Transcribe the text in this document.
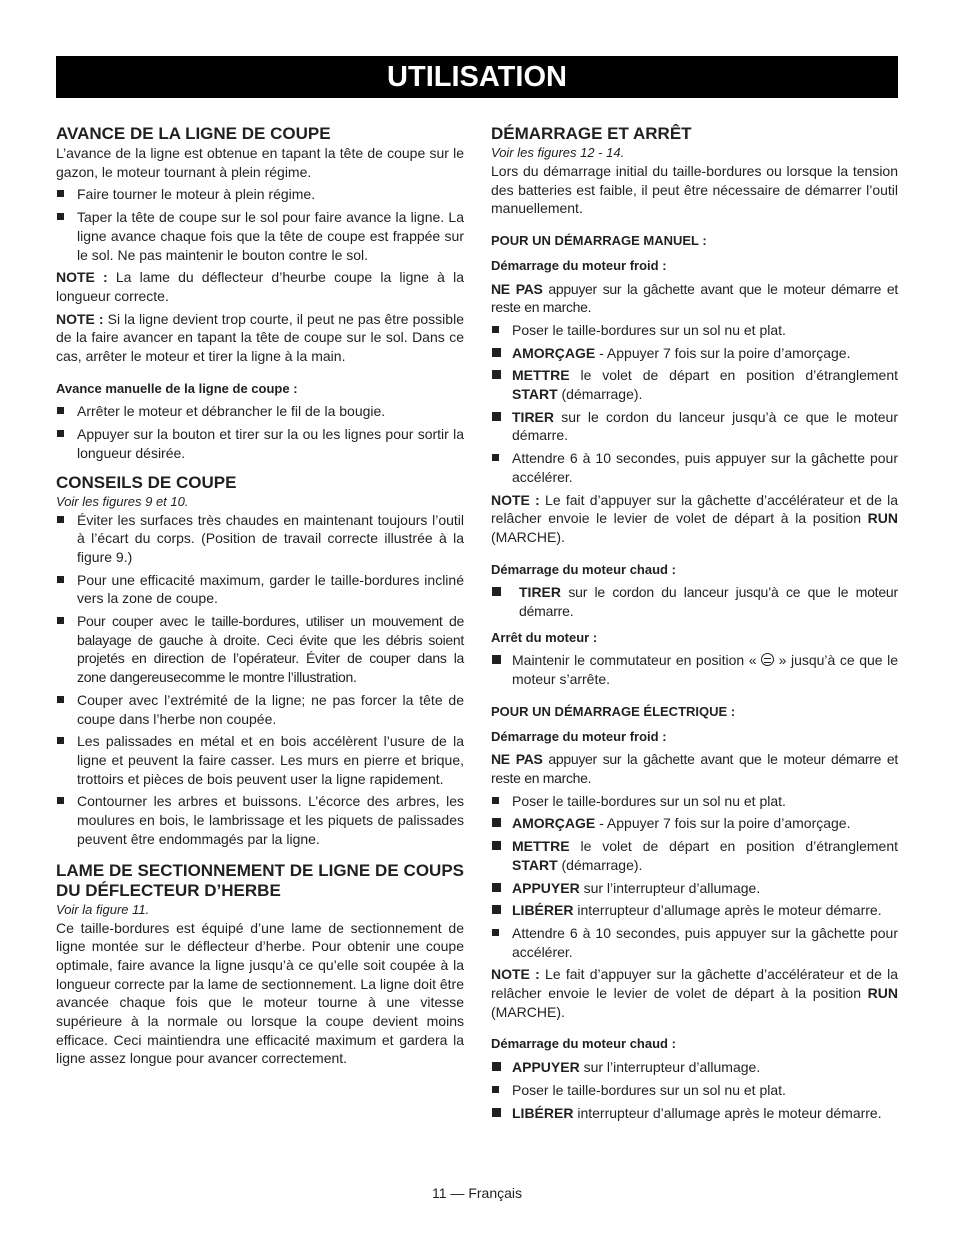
UTILISATION
AVANCE DE LA LIGNE DE COUPE

L’avance de la ligne est obtenue en tapant la tête de coupe sur le gazon, le moteur tournant à plein régime.

Faire tourner le moteur à plein régime.
Taper la tête de coupe sur le sol pour faire avance la ligne. La ligne avance chaque fois que la tête de coupe est frappée sur le sol. Ne pas maintenir le bouton contre le sol.

NOTE : La lame du déflecteur d’heurbe coupe la ligne à la longueur correcte.

NOTE : Si la ligne devient trop courte, il peut ne pas être possible de la faire avancer en tapant la tête de coupe sur le sol. Dans ce cas, arrêter le moteur et tirer la ligne à la main.

Avance manuelle de la ligne de coupe :
Arrêter le moteur et débrancher le fil de la bougie.
Appuyer sur la bouton et tirer sur la ou les lignes pour sortir la longueur désirée.
CONSEILS DE COUPE
Voir les figures 9 et 10.
Éviter les surfaces très chaudes en maintenant toujours l’outil à l’écart du corps. (Position de travail correcte illustrée à la figure 9.)
Pour une efficacité maximum, garder le taille-bordures incliné vers la zone de coupe.
Pour couper avec le taille-bordures, utiliser un mouvement de balayage de gauche à droite. Ceci évite que les débris soient projetés en direction de l’opérateur. Éviter de couper dans la zone dangereusecomme le montre l’illustration.
Couper avec l’extrémité de la ligne; ne pas forcer la tête de coupe dans l’herbe non coupée.
Les palissades en métal et en bois accélèrent l’usure de la ligne et peuvent la faire casser. Les murs en pierre et brique, trottoirs et pièces de bois peuvent user la ligne rapidement.
Contourner les arbres et buissons. L’écorce des arbres, les moulures en bois, le lambrissage et les piquets de palissades peuvent être endommagés par la ligne.
LAME DE SECTIONNEMENT DE LIGNE DE COUPS DU DÉFLECTEUR D’HERBE
Voir la figure 11.

Ce taille-bordures est équipé d’une lame de sectionnement de ligne montée sur le déflecteur d’herbe. Pour obtenir une coupe optimale, faire avance la ligne jusqu’à ce qu’elle soit coupée à la longueur correcte par la lame de sectionnement. La ligne doit être avancée chaque fois que le moteur tourne à une vitesse supérieure à la normale ou lorsque la coupe devient moins efficace. Ceci maintiendra une efficacité maximum et gardera la ligne assez longue pour avancer correctement.

DÉMARRAGE ET ARRÊT
Voir les figures 12 - 14.

Lors du démarrage initial du taille-bordures ou lorsque la tension des batteries est faible, il peut être nécessaire de démarrer l’outil manuellement.

POUR UN DÉMARRAGE MANUEL :
Démarrage du moteur froid :

NE PAS appuyer sur la gâchette avant que le moteur démarre et reste en marche.

Poser le taille-bordures sur un sol nu et plat.
AMORÇAGE - Appuyer 7 fois sur la poire d’amorçage.
METTRE le volet de départ en position d’étranglement START (démarrage).
TIRER sur le cordon du lanceur jusqu’à ce que le moteur démarre.
Attendre 6 à 10 secondes, puis appuyer sur la gâchette pour accélérer.

NOTE : Le fait d’appuyer sur la gâchette d’accélérateur et de la relâcher envoie le levier de volet de départ à la position RUN (MARCHE).

Démarrage du moteur chaud :
TIRER sur le cordon du lanceur jusqu’à ce que le moteur démarre.
Arrêt du moteur :
Maintenir le commutateur en position «  » jusqu’à ce que le moteur s’arrête.
POUR UN DÉMARRAGE ÉLECTRIQUE :
Démarrage du moteur froid :

NE PAS appuyer sur la gâchette avant que le moteur démarre et reste en marche.

Poser le taille-bordures sur un sol nu et plat.
AMORÇAGE - Appuyer 7 fois sur la poire d’amorçage.
METTRE le volet de départ en position d’étranglement START (démarrage).
APPUYER sur l’interrupteur d’allumage.
LIBÉRER interrupteur d’allumage après le moteur démarre.
Attendre 6 à 10 secondes, puis appuyer sur la gâchette pour accélérer.

NOTE : Le fait d’appuyer sur la gâchette d’accélérateur et de la relâcher envoie le levier de volet de départ à la position RUN (MARCHE).

Démarrage du moteur chaud :
APPUYER sur l’interrupteur d’allumage.
Poser le taille-bordures sur un sol nu et plat.
LIBÉRER interrupteur d’allumage après le moteur démarre.
11 — Français
